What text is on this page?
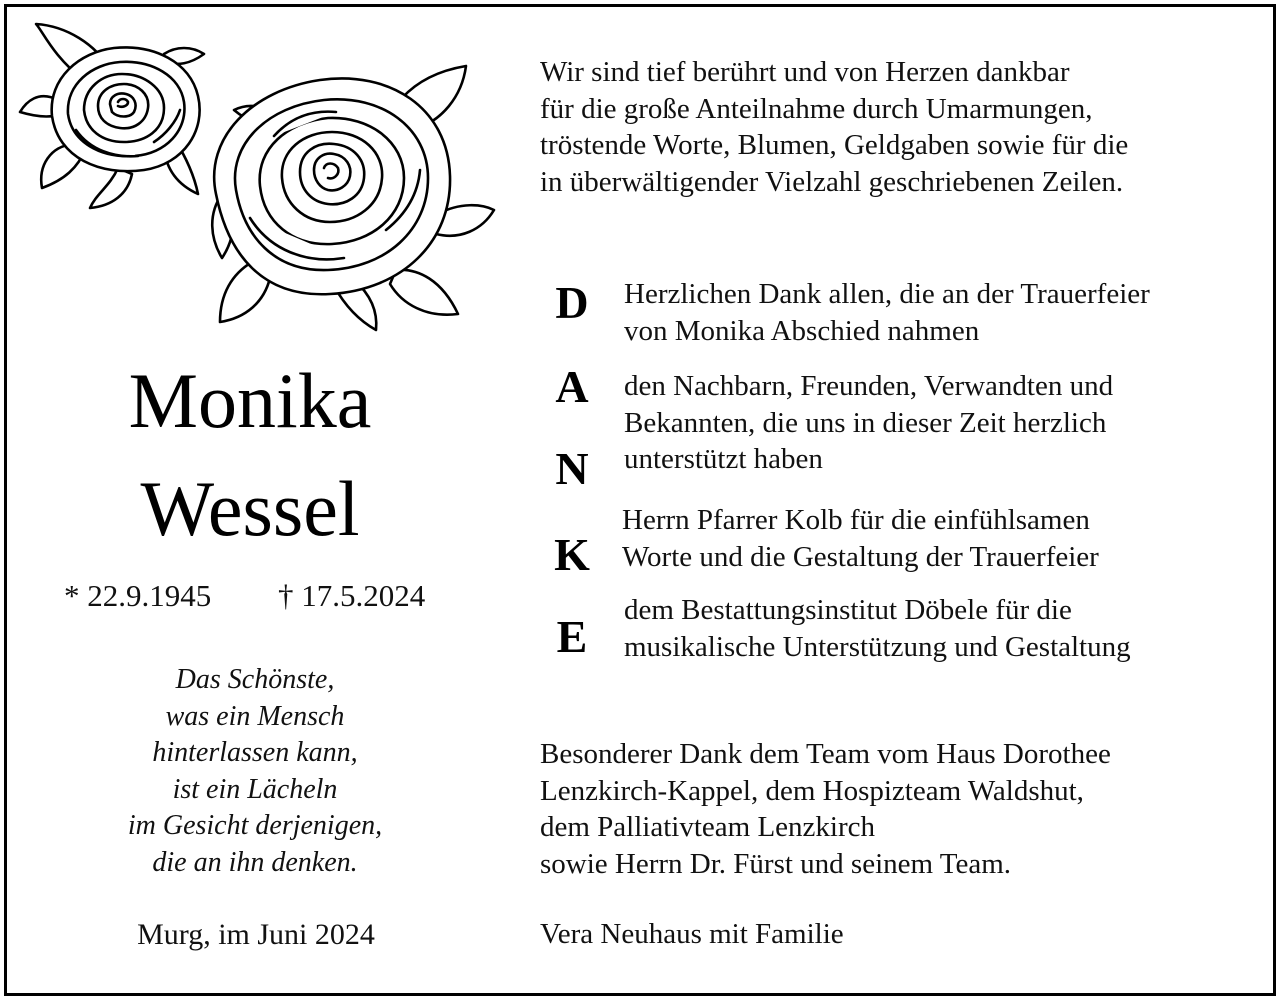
Monika
Wessel
* 22.9.1945 † 17.5.2024
Das Schönste,
was ein Mensch
hinterlassen kann,
ist ein Lächeln
im Gesicht derjenigen,
die an ihn denken.
Murg, im Juni 2024
Wir sind tief berührt und von Herzen dankbar
für die große Anteilnahme durch Umarmungen,
tröstende Worte, Blumen, Geldgaben sowie für die
in überwältigender Vielzahl geschriebenen Zeilen.
D
A
N
K
E
Herzlichen Dank allen, die an der Trauerfeier
von Monika Abschied nahmen
den Nachbarn, Freunden, Verwandten und
Bekannten, die uns in dieser Zeit herzlich
unterstützt haben
Herrn Pfarrer Kolb für die einfühlsamen
Worte und die Gestaltung der Trauerfeier
dem Bestattungsinstitut Döbele für die
musikalische Unterstützung und Gestaltung
Besonderer Dank dem Team vom Haus Dorothee
Lenzkirch-Kappel, dem Hospizteam Waldshut,
dem Palliativteam Lenzkirch
sowie Herrn Dr. Fürst und seinem Team.
Vera Neuhaus mit Familie
